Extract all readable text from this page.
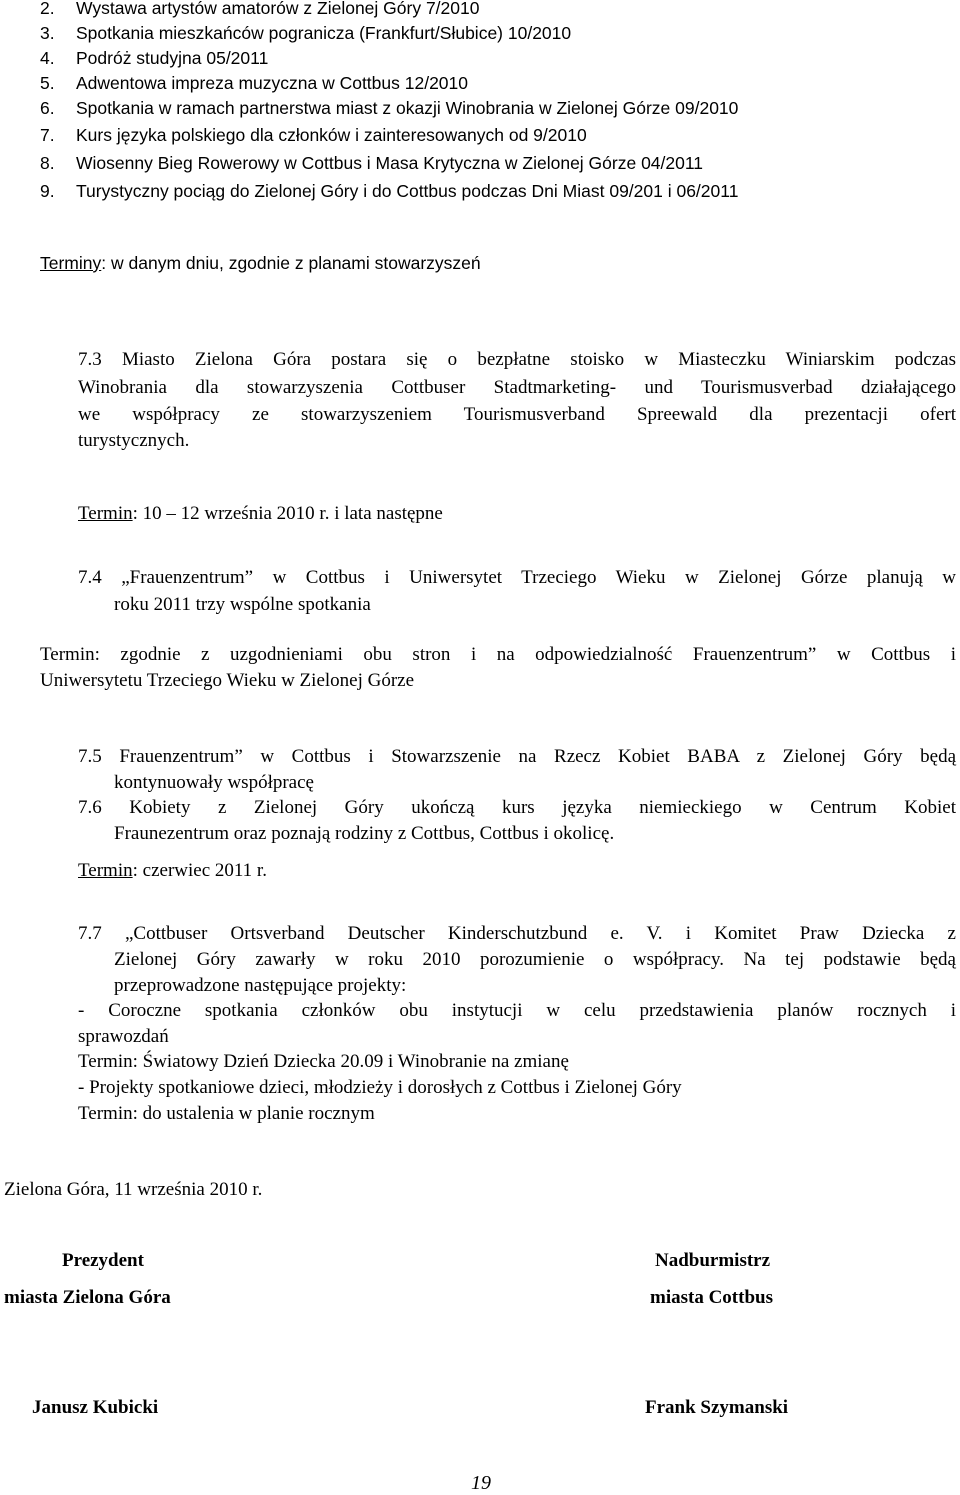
2. Wystawa artystów amatorów z Zielonej Góry 7/2010
3. Spotkania mieszkańców pogranicza (Frankfurt/Słubice) 10/2010
4. Podróż studyjna 05/2011
5. Adwentowa impreza muzyczna w Cottbus 12/2010
6. Spotkania w ramach partnerstwa miast z okazji Winobrania w Zielonej Górze 09/2010
7. Kurs języka polskiego dla członków i zainteresowanych od 9/2010
8. Wiosenny Bieg Rowerowy w Cottbus i Masa Krytyczna w Zielonej Górze 04/2011
9. Turystyczny pociąg do Zielonej Góry i do Cottbus podczas Dni Miast 09/201 i 06/2011
Terminy: w danym dniu, zgodnie z planami stowarzyszeń
7.3 Miasto Zielona Góra postara się o bezpłatne stoisko w Miasteczku Winiarskim podczas
Winobrania dla stowarzyszenia Cottbuser Stadtmarketing- und Tourismusverbad działającego
we współpracy ze stowarzyszeniem Tourismusverband Spreewald dla prezentacji ofert
turystycznych.
Termin: 10 – 12 września 2010 r. i lata następne
7.4 „Frauenzentrum” w Cottbus i Uniwersytet Trzeciego Wieku w Zielonej Górze planują w
roku 2011 trzy wspólne spotkania
Termin: zgodnie z uzgodnieniami obu stron i na odpowiedzialność Frauenzentrum” w Cottbus i
Uniwersytetu Trzeciego Wieku w Zielonej Górze
7.5 Frauenzentrum” w Cottbus i Stowarzszenie na Rzecz Kobiet BABA z Zielonej Góry będą
kontynuowały współpracę
7.6 Kobiety z Zielonej Góry ukończą kurs języka niemieckiego w Centrum Kobiet
Fraunezentrum oraz poznają rodziny z Cottbus, Cottbus i okolicę.
Termin: czerwiec 2011 r.
7.7 „Cottbuser Ortsverband Deutscher Kinderschutzbund e. V. i Komitet Praw Dziecka z
Zielonej Góry zawarły w roku 2010 porozumienie o współpracy. Na tej podstawie będą
przeprowadzone następujące projekty:
- Coroczne spotkania członków obu instytucji w celu przedstawienia planów rocznych i
sprawozdań
Termin: Światowy Dzień Dziecka 20.09 i Winobranie na zmianę
- Projekty spotkaniowe dzieci, młodzieży i dorosłych z Cottbus i Zielonej Góry
Termin: do ustalenia w planie rocznym
Zielona Góra, 11 września 2010 r.
Prezydent
miasta Zielona Góra
Nadburmistrz
miasta Cottbus
Janusz Kubicki	Frank Szymanski
19
